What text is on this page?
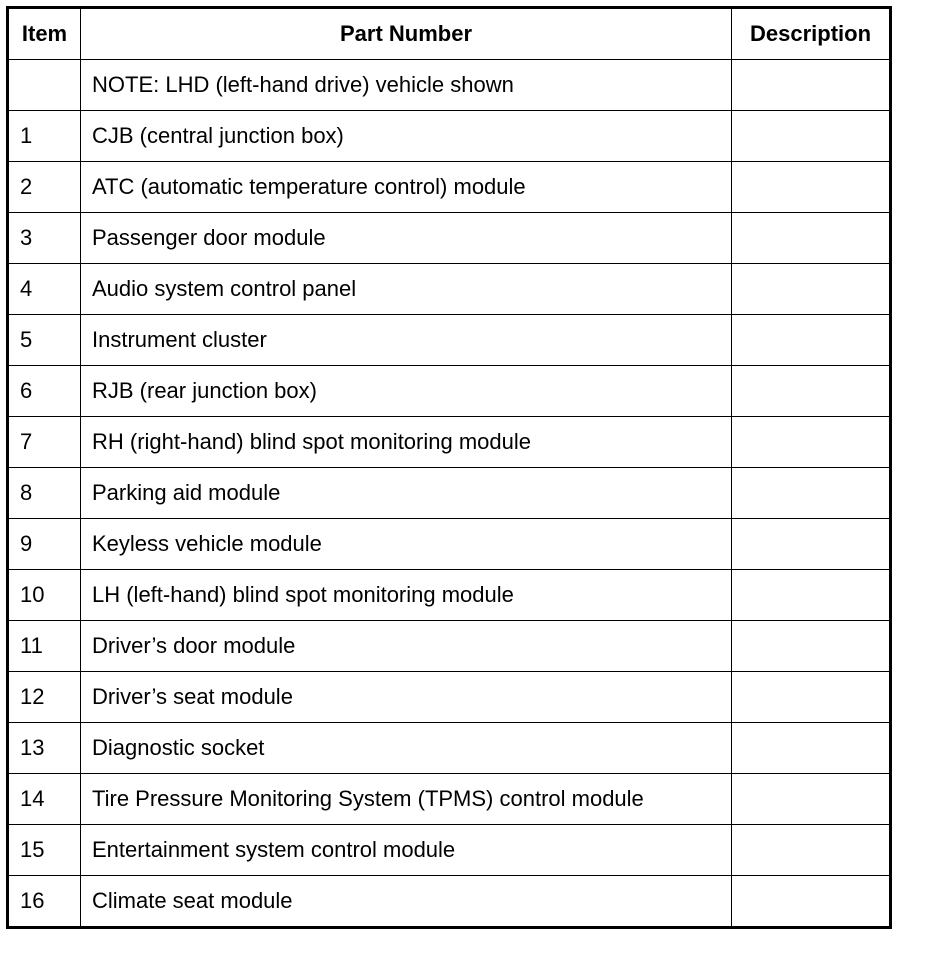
Item	Part Number	Description
	NOTE: LHD (left-hand drive) vehicle shown	
1	CJB (central junction box)	
2	ATC (automatic temperature control) module	
3	Passenger door module	
4	Audio system control panel	
5	Instrument cluster	
6	RJB (rear junction box)	
7	RH (right-hand) blind spot monitoring module	
8	Parking aid module	
9	Keyless vehicle module	
10	LH (left-hand) blind spot monitoring module	
11	Driver’s door module	
12	Driver’s seat module	
13	Diagnostic socket	
14	Tire Pressure Monitoring System (TPMS) control module	
15	Entertainment system control module	
16	Climate seat module	
